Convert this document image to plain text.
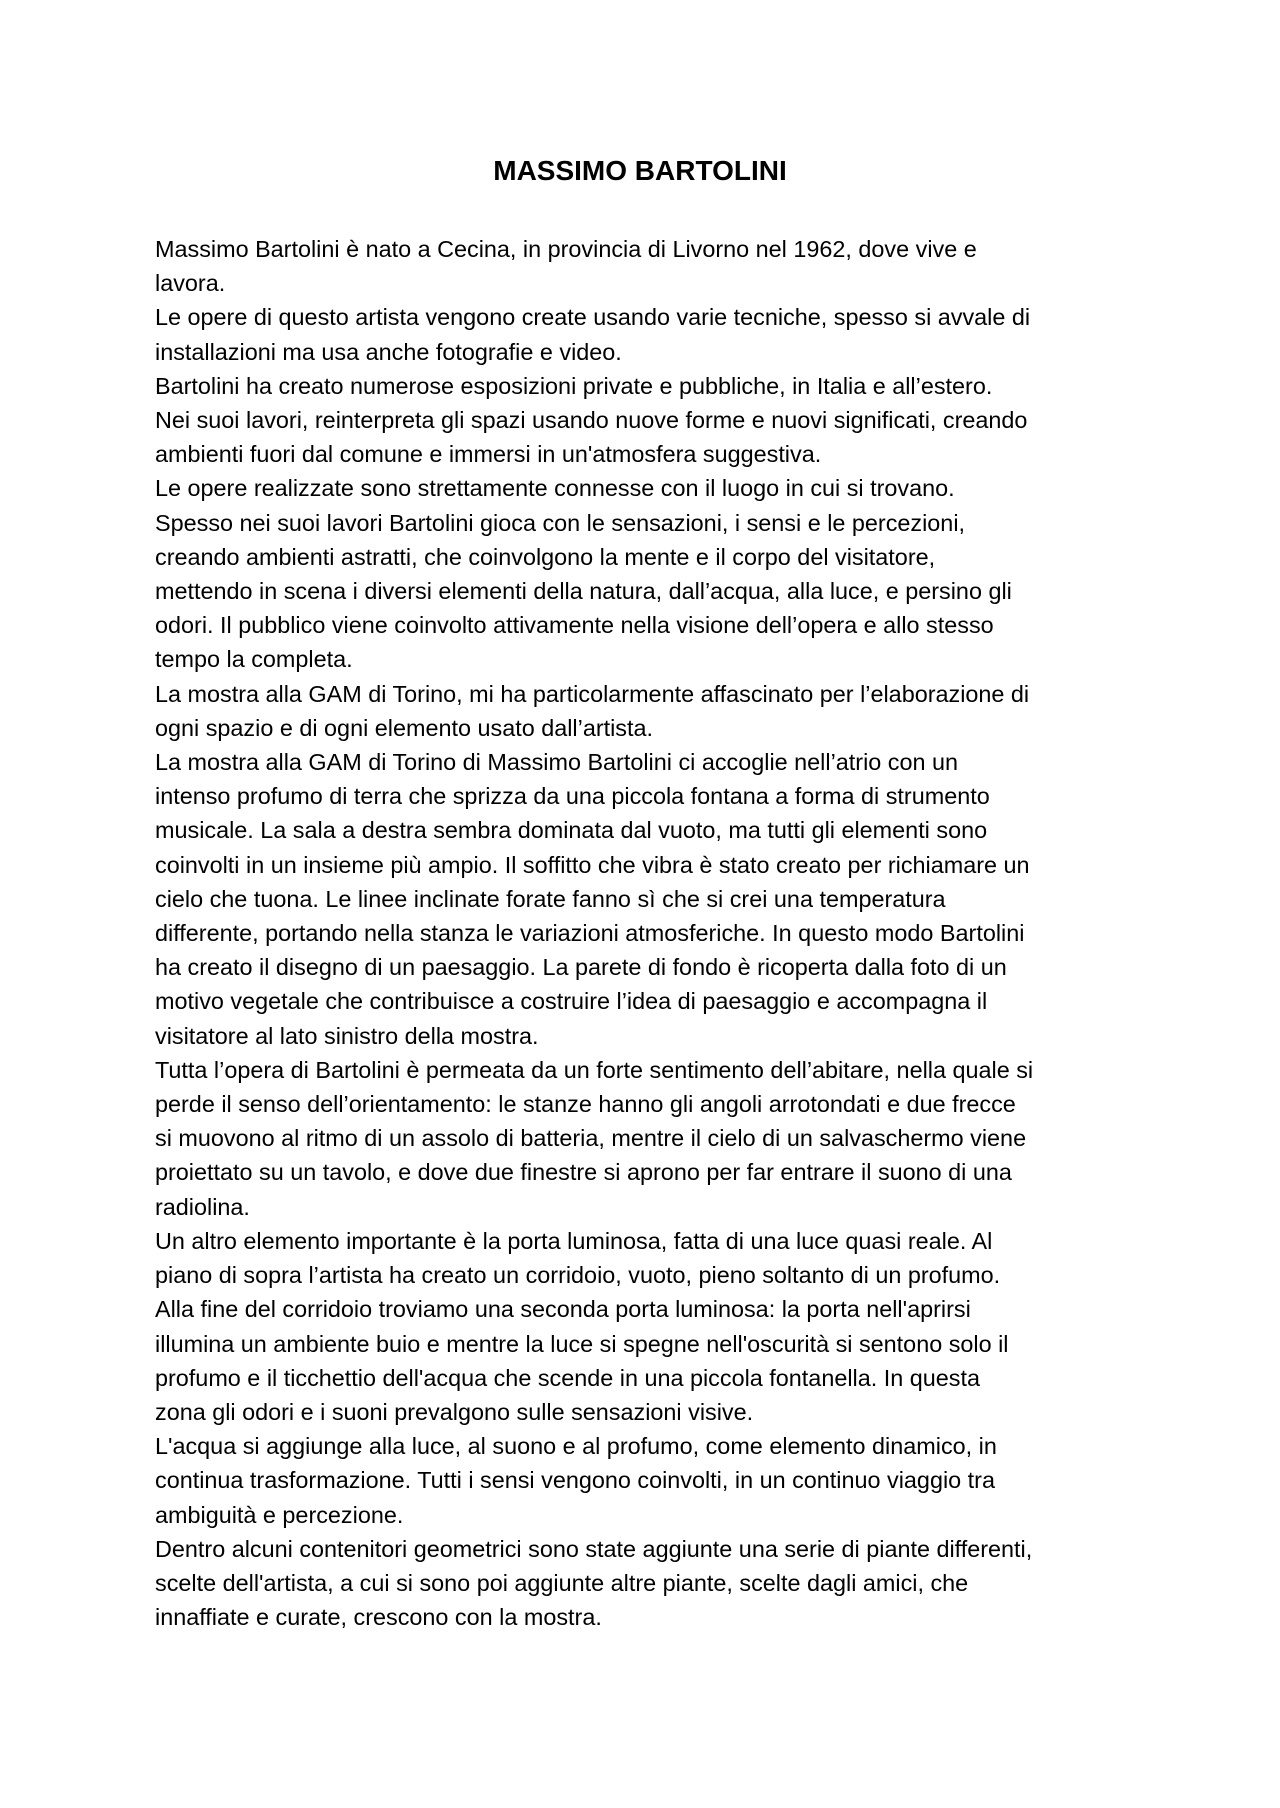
MASSIMO BARTOLINI
Massimo Bartolini è nato a Cecina, in provincia di Livorno nel 1962, dove vive e
lavora.
Le opere di questo artista vengono create usando varie tecniche, spesso si avvale di
installazioni ma usa anche fotografie e video.
Bartolini ha creato numerose esposizioni private e pubbliche, in Italia e all’estero.
Nei suoi lavori, reinterpreta gli spazi usando nuove forme e nuovi significati, creando
ambienti fuori dal comune e immersi in un'atmosfera suggestiva.
Le opere realizzate sono strettamente connesse con il luogo in cui si trovano.
Spesso nei suoi lavori Bartolini gioca con le sensazioni, i sensi e le percezioni,
creando ambienti astratti, che coinvolgono la mente e il corpo del visitatore,
mettendo in scena i diversi elementi della natura, dall’acqua, alla luce, e persino gli
odori. Il pubblico viene coinvolto attivamente nella visione dell’opera e allo stesso
tempo la completa.
La mostra alla GAM di Torino, mi ha particolarmente affascinato per l’elaborazione di
ogni spazio e di ogni elemento usato dall’artista.
La mostra alla GAM di Torino di Massimo Bartolini ci accoglie nell’atrio con un
intenso profumo di terra che sprizza da una piccola fontana a forma di strumento
musicale. La sala a destra sembra dominata dal vuoto, ma tutti gli elementi sono
coinvolti in un insieme più ampio. Il soffitto che vibra è stato creato per richiamare un
cielo che tuona. Le linee inclinate forate fanno sì che si crei una temperatura
differente, portando nella stanza le variazioni atmosferiche. In questo modo Bartolini
ha creato il disegno di un paesaggio. La parete di fondo è ricoperta dalla foto di un
motivo vegetale che contribuisce a costruire l’idea di paesaggio e accompagna il
visitatore al lato sinistro della mostra.
Tutta l’opera di Bartolini è permeata da un forte sentimento dell’abitare, nella quale si
perde il senso dell’orientamento: le stanze hanno gli angoli arrotondati e due frecce
si muovono al ritmo di un assolo di batteria, mentre il cielo di un salvaschermo viene
proiettato su un tavolo, e dove due finestre si aprono per far entrare il suono di una
radiolina.
Un altro elemento importante è la porta luminosa, fatta di una luce quasi reale. Al
piano di sopra l’artista ha creato un corridoio, vuoto, pieno soltanto di un profumo.
Alla fine del corridoio troviamo una seconda porta luminosa: la porta nell'aprirsi
illumina un ambiente buio e mentre la luce si spegne nell'oscurità si sentono solo il
profumo e il ticchettio dell'acqua che scende in una piccola fontanella. In questa
zona gli odori e i suoni prevalgono sulle sensazioni visive.
L'acqua si aggiunge alla luce, al suono e al profumo, come elemento dinamico, in
continua trasformazione. Tutti i sensi vengono coinvolti, in un continuo viaggio tra
ambiguità e percezione.
Dentro alcuni contenitori geometrici sono state aggiunte una serie di piante differenti,
scelte dell'artista, a cui si sono poi aggiunte altre piante, scelte dagli amici, che
innaffiate e curate, crescono con la mostra.
